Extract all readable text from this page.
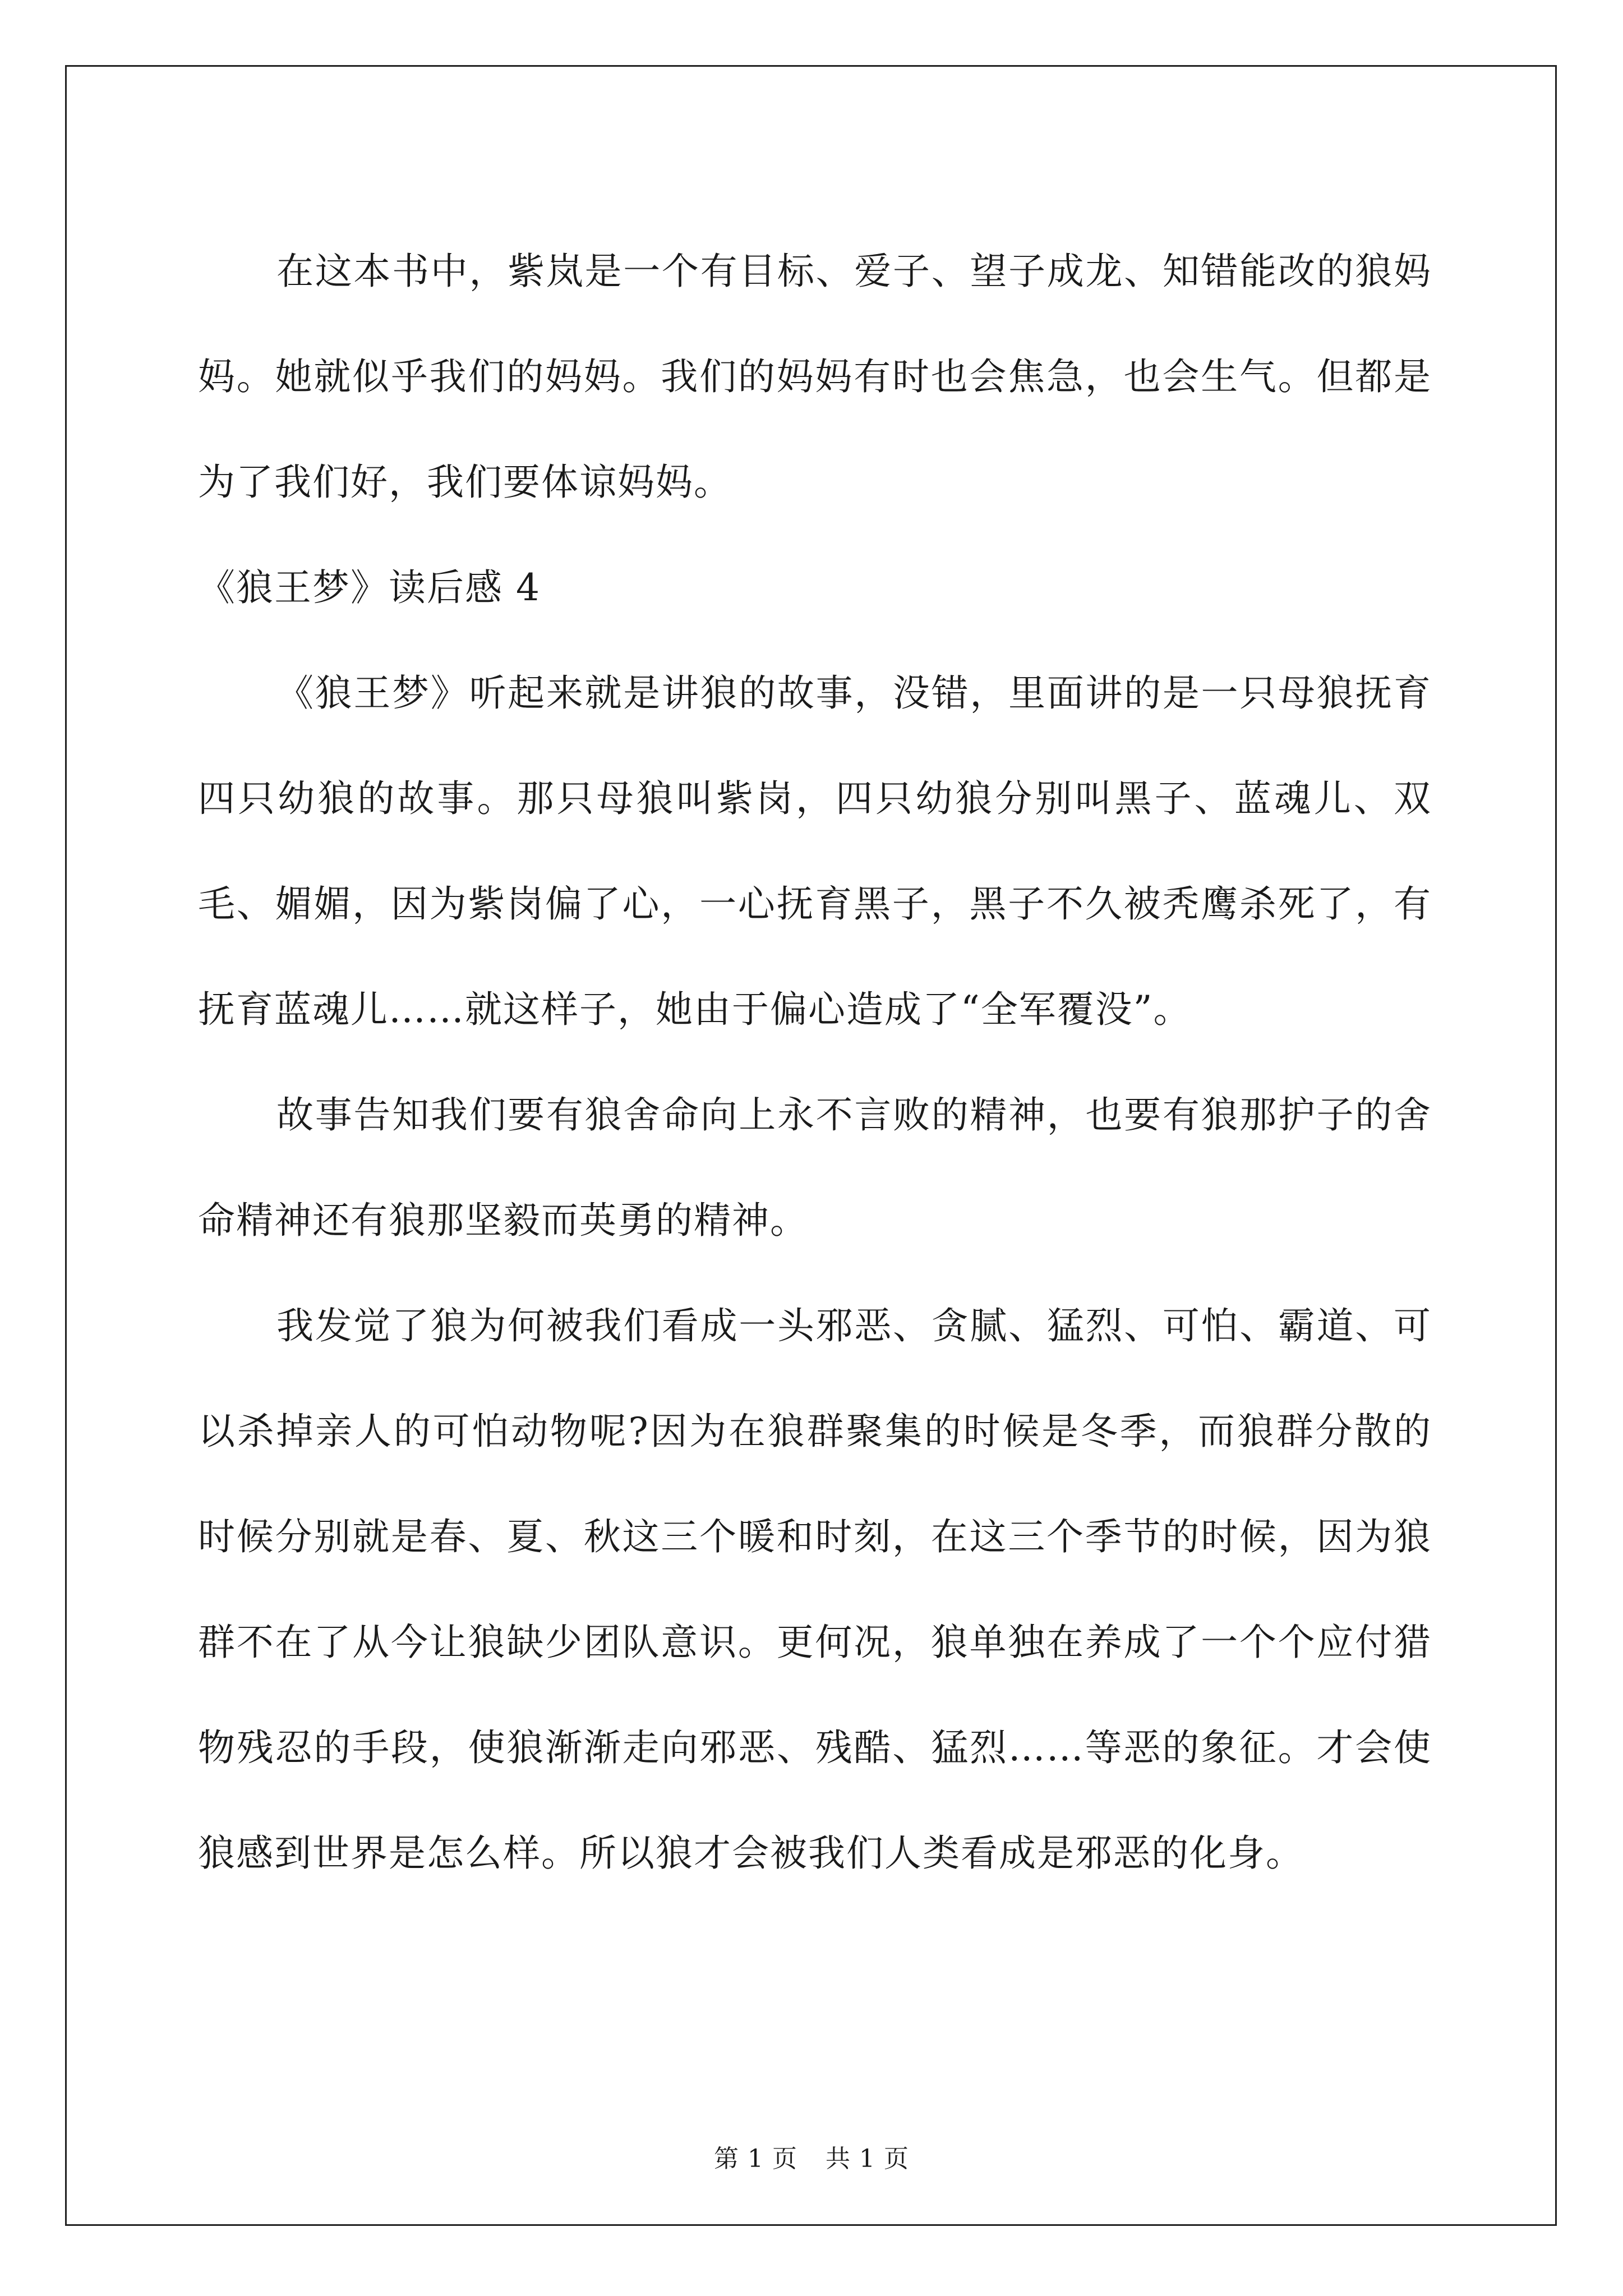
在这本书中，紫岚是一个有目标、爱子、望子成龙、知错能改的狼妈妈。她就似乎我们的妈妈。我们的妈妈有时也会焦急，也会生气。但都是为了我们好，我们要体谅妈妈。

《狼王梦》读后感 4

《狼王梦》听起来就是讲狼的故事，没错，里面讲的是一只母狼抚育四只幼狼的故事。那只母狼叫紫岗，四只幼狼分别叫黑子、蓝魂儿、双毛、媚媚，因为紫岗偏了心，一心抚育黑子，黑子不久被秃鹰杀死了，有抚育蓝魂儿……就这样子，她由于偏心造成了“全军覆没”。

故事告知我们要有狼舍命向上永不言败的精神，也要有狼那护子的舍命精神还有狼那坚毅而英勇的精神。

我发觉了狼为何被我们看成一头邪恶、贪腻、猛烈、可怕、霸道、可以杀掉亲人的可怕动物呢?因为在狼群聚集的时候是冬季，而狼群分散的时候分别就是春、夏、秋这三个暖和时刻，在这三个季节的时候，因为狼群不在了从今让狼缺少团队意识。更何况，狼单独在养成了一个个应付猎物残忍的手段，使狼渐渐走向邪恶、残酷、猛烈……等恶的象征。才会使狼感到世界是怎么样。所以狼才会被我们人类看成是邪恶的化身。

第 1 页 共 1 页
